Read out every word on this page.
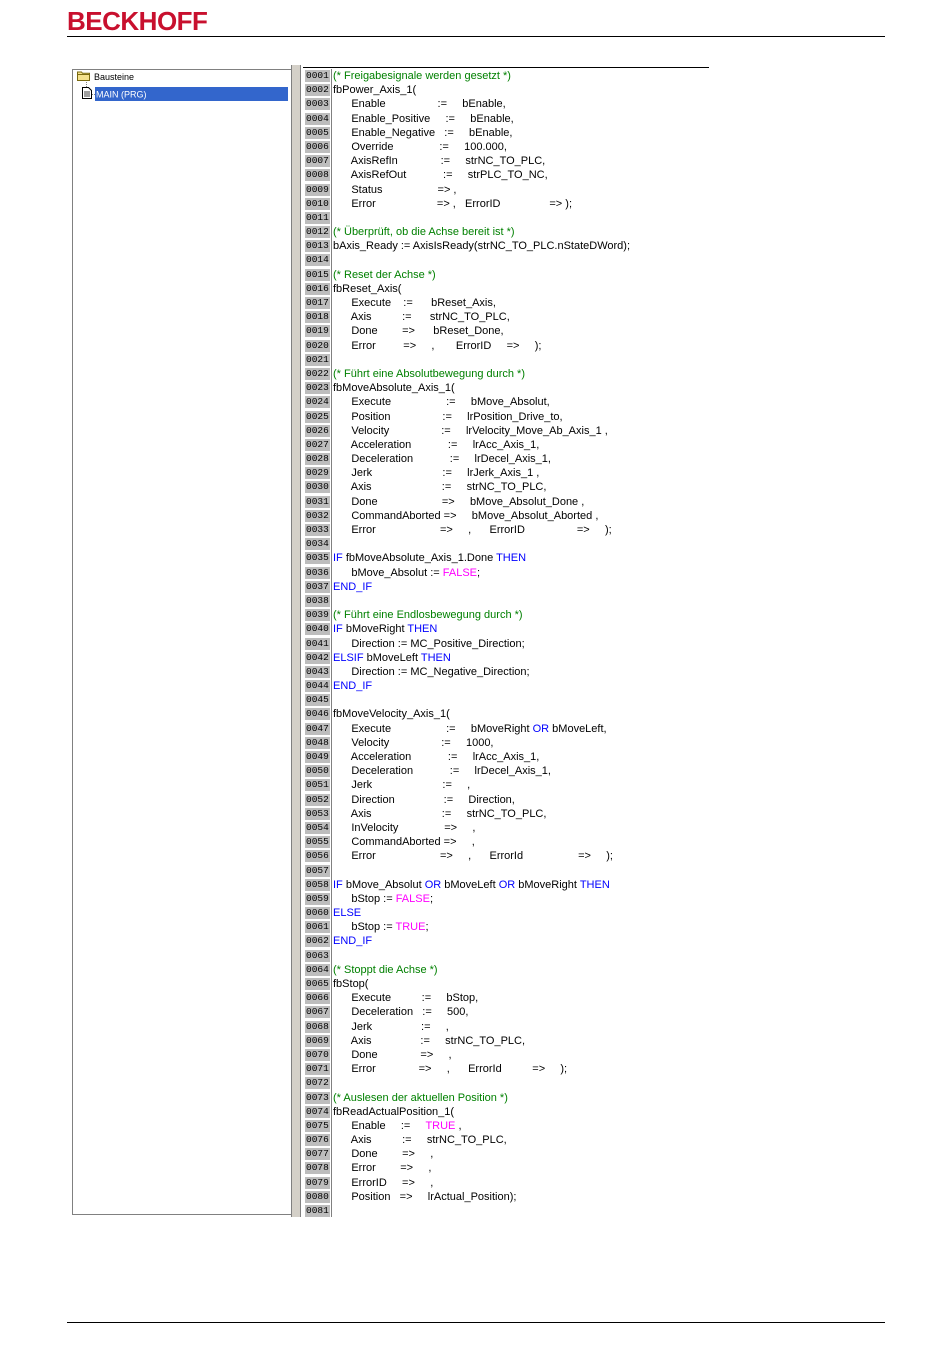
BECKHOFF
Bausteine
MAIN (PRG)
0001 (* Freigabesignale werden gesetzt *)
0002 fbPower_Axis_1(
0003 Enable                 :=     bEnable,
0004 Enable_Positive     :=     bEnable,
0005 Enable_Negative   :=     bEnable,
0006 Override               :=     100.000,
0007 AxisRefIn              :=     strNC_TO_PLC,
0008 AxisRefOut            :=     strPLC_TO_NC,
0009 Status                  => ,
0010 Error                    => ,   ErrorID                => );
0011
0012 (* Überprüft, ob die Achse bereit ist *)
0013 bAxis_Ready := AxisIsReady(strNC_TO_PLC.nStateDWord);
0014
0015 (* Reset der Achse *)
0016 fbReset_Axis(
0017 Execute    :=      bReset_Axis,
0018 Axis          :=      strNC_TO_PLC,
0019 Done        =>      bReset_Done,
0020 Error         =>     ,       ErrorID     =>     );
0021
0022 (* Führt eine Absolutbewegung durch *)
0023 fbMoveAbsolute_Axis_1(
0024 Execute                  :=     bMove_Absolut,
0025 Position                 :=     lrPosition_Drive_to,
0026 Velocity                 :=     lrVelocity_Move_Ab_Axis_1 ,
0027 Acceleration            :=     lrAcc_Axis_1,
0028 Deceleration            :=     lrDecel_Axis_1,
0029 Jerk                       :=     lrJerk_Axis_1 ,
0030 Axis                       :=     strNC_TO_PLC,
0031 Done                     =>     bMove_Absolut_Done ,
0032 CommandAborted =>     bMove_Absolut_Aborted ,
0033 Error                     =>     ,      ErrorID                 =>     );
0034
0035 IF fbMoveAbsolute_Axis_1.Done THEN
0036 bMove_Absolut := FALSE;
0037 END_IF
0038
0039 (* Führt eine Endlosbewegung durch *)
0040 IF bMoveRight THEN
0041 Direction := MC_Positive_Direction;
0042 ELSIF bMoveLeft THEN
0043 Direction := MC_Negative_Direction;
0044 END_IF
0045
0046 fbMoveVelocity_Axis_1(
0047 Execute                  :=     bMoveRight OR bMoveLeft,
0048 Velocity                 :=     1000,
0049 Acceleration            :=     lrAcc_Axis_1,
0050 Deceleration            :=     lrDecel_Axis_1,
0051 Jerk                       :=     ,
0052 Direction                :=     Direction,
0053 Axis                       :=     strNC_TO_PLC,
0054 InVelocity               =>     ,
0055 CommandAborted =>     ,
0056 Error                     =>     ,      ErrorId                  =>     );
0057
0058 IF bMove_Absolut OR bMoveLeft OR bMoveRight THEN
0059 bStop := FALSE;
0060 ELSE
0061 bStop := TRUE;
0062 END_IF
0063
0064 (* Stoppt die Achse *)
0065 fbStop(
0066 Execute          :=     bStop,
0067 Deceleration   :=     500,
0068 Jerk                :=     ,
0069 Axis                :=     strNC_TO_PLC,
0070 Done              =>     ,
0071 Error              =>     ,      ErrorId          =>     );
0072
0073 (* Auslesen der aktuellen Position *)
0074 fbReadActualPosition_1(
0075 Enable     :=     TRUE ,
0076 Axis          :=     strNC_TO_PLC,
0077 Done        =>     ,
0078 Error        =>     ,
0079 ErrorID     =>     ,
0080 Position   =>     lrActual_Position);
0081
